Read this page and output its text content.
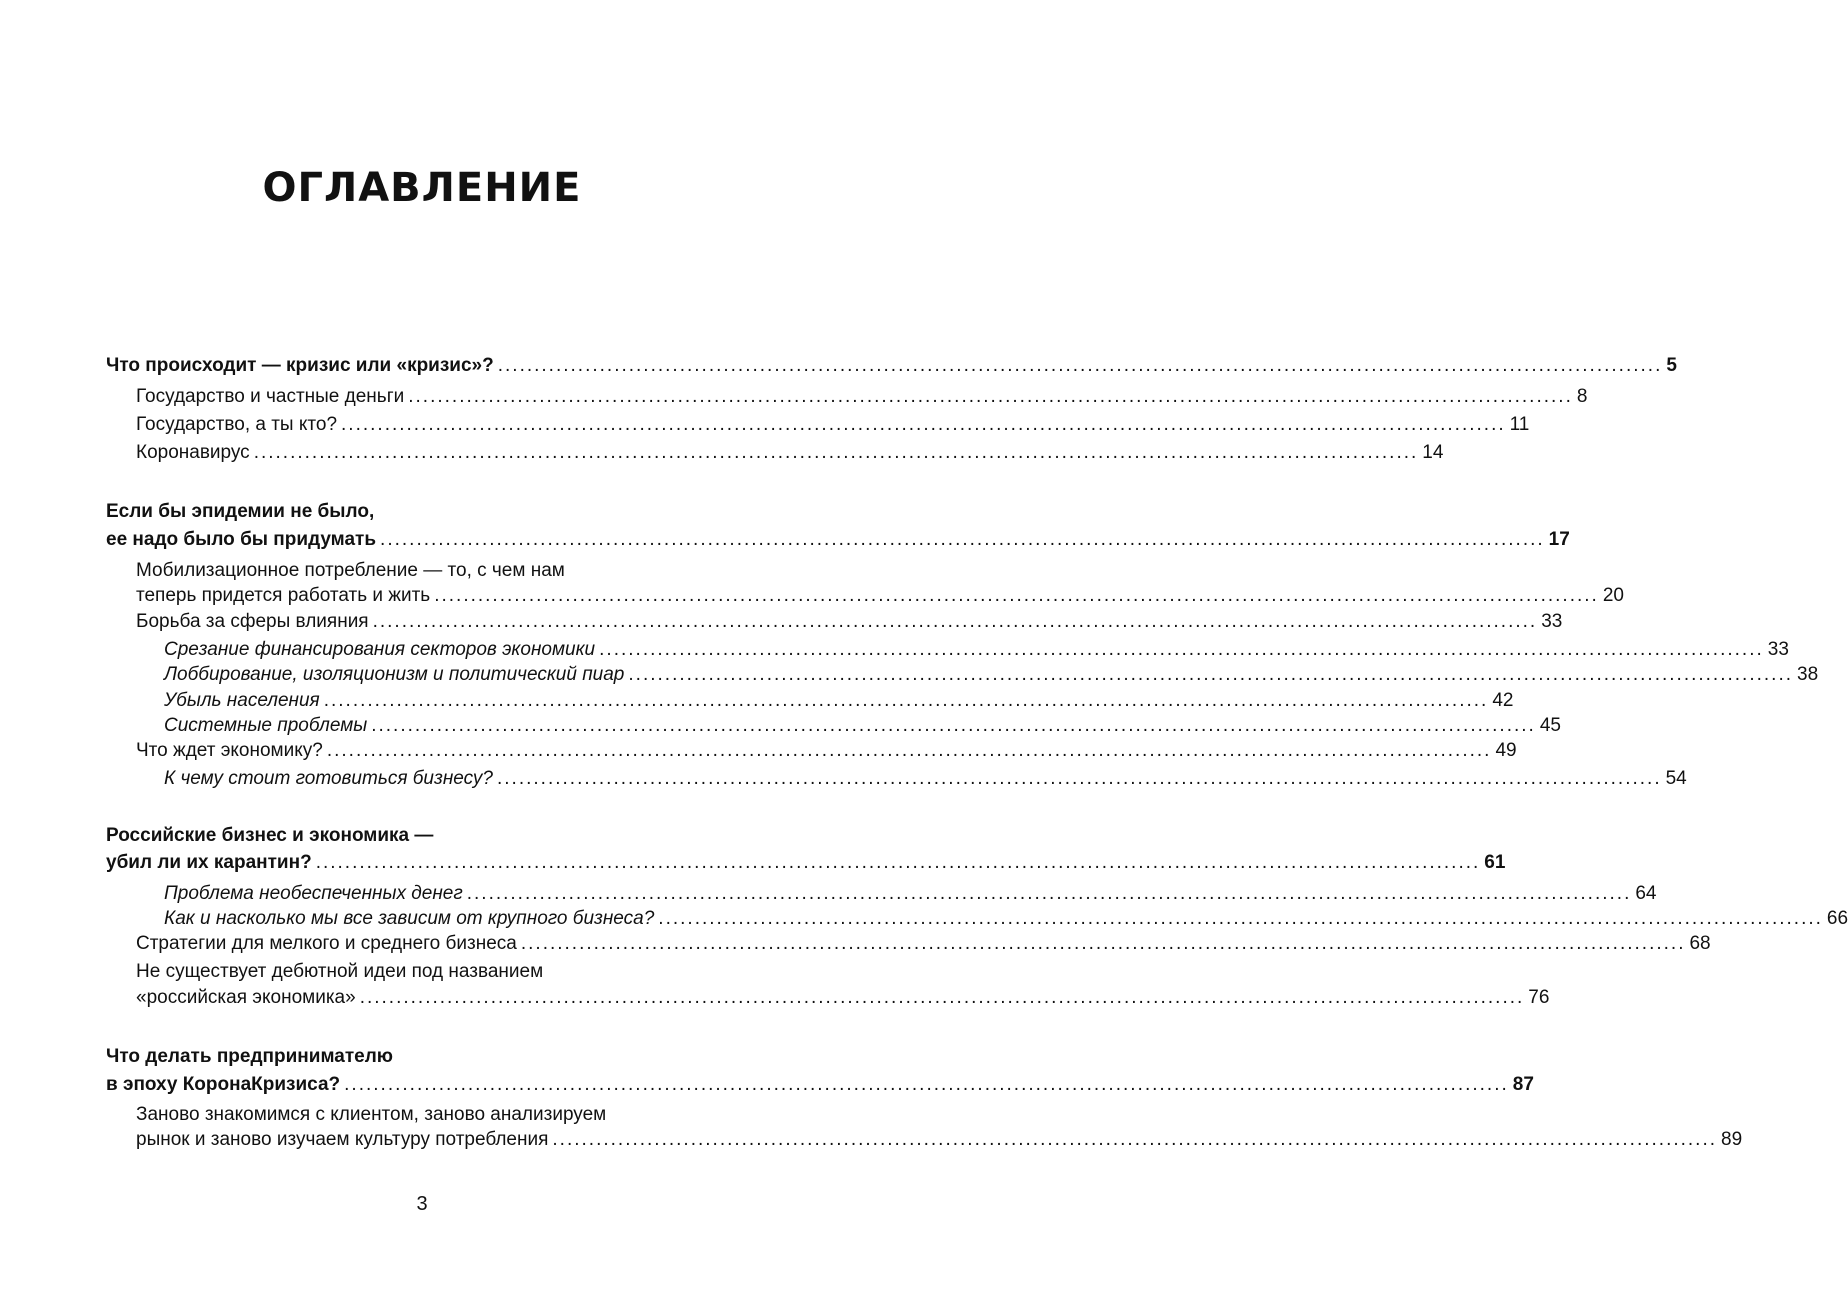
ОГЛАВЛЕНИЕ
Что происходит — кризис или «кризис»? ................................................................................................................................................................ 5
Государство и частные деньги ................................................................................................................................................................ 8
Государство, а ты кто? ................................................................................................................................................................ 11
Коронавирус ................................................................................................................................................................ 14
Если бы эпидемии не было,
ее надо было бы придумать ................................................................................................................................................................ 17
Мобилизационное потребление — то, с чем нам
теперь придется работать и жить ................................................................................................................................................................ 20
Борьба за сферы влияния ................................................................................................................................................................ 33
Срезание финансирования секторов экономики ................................................................................................................................................................ 33
Лоббирование, изоляционизм и политический пиар ................................................................................................................................................................ 38
Убыль населения ................................................................................................................................................................ 42
Системные проблемы ................................................................................................................................................................ 45
Что ждет экономику? ................................................................................................................................................................ 49
К чему стоит готовиться бизнесу? ................................................................................................................................................................ 54
Российские бизнес и экономика —
убил ли их карантин? ................................................................................................................................................................ 61
Проблема необеспеченных денег ................................................................................................................................................................ 64
Как и насколько мы все зависим от крупного бизнеса? ................................................................................................................................................................ 66
Стратегии для мелкого и среднего бизнеса ................................................................................................................................................................ 68
Не существует дебютной идеи под названием
«российская экономика» ................................................................................................................................................................ 76
Что делать предпринимателю
в эпоху КоронаКризиса? ................................................................................................................................................................ 87
Заново знакомимся с клиентом, заново анализируем
рынок и заново изучаем культуру потребления ................................................................................................................................................................ 89
3
